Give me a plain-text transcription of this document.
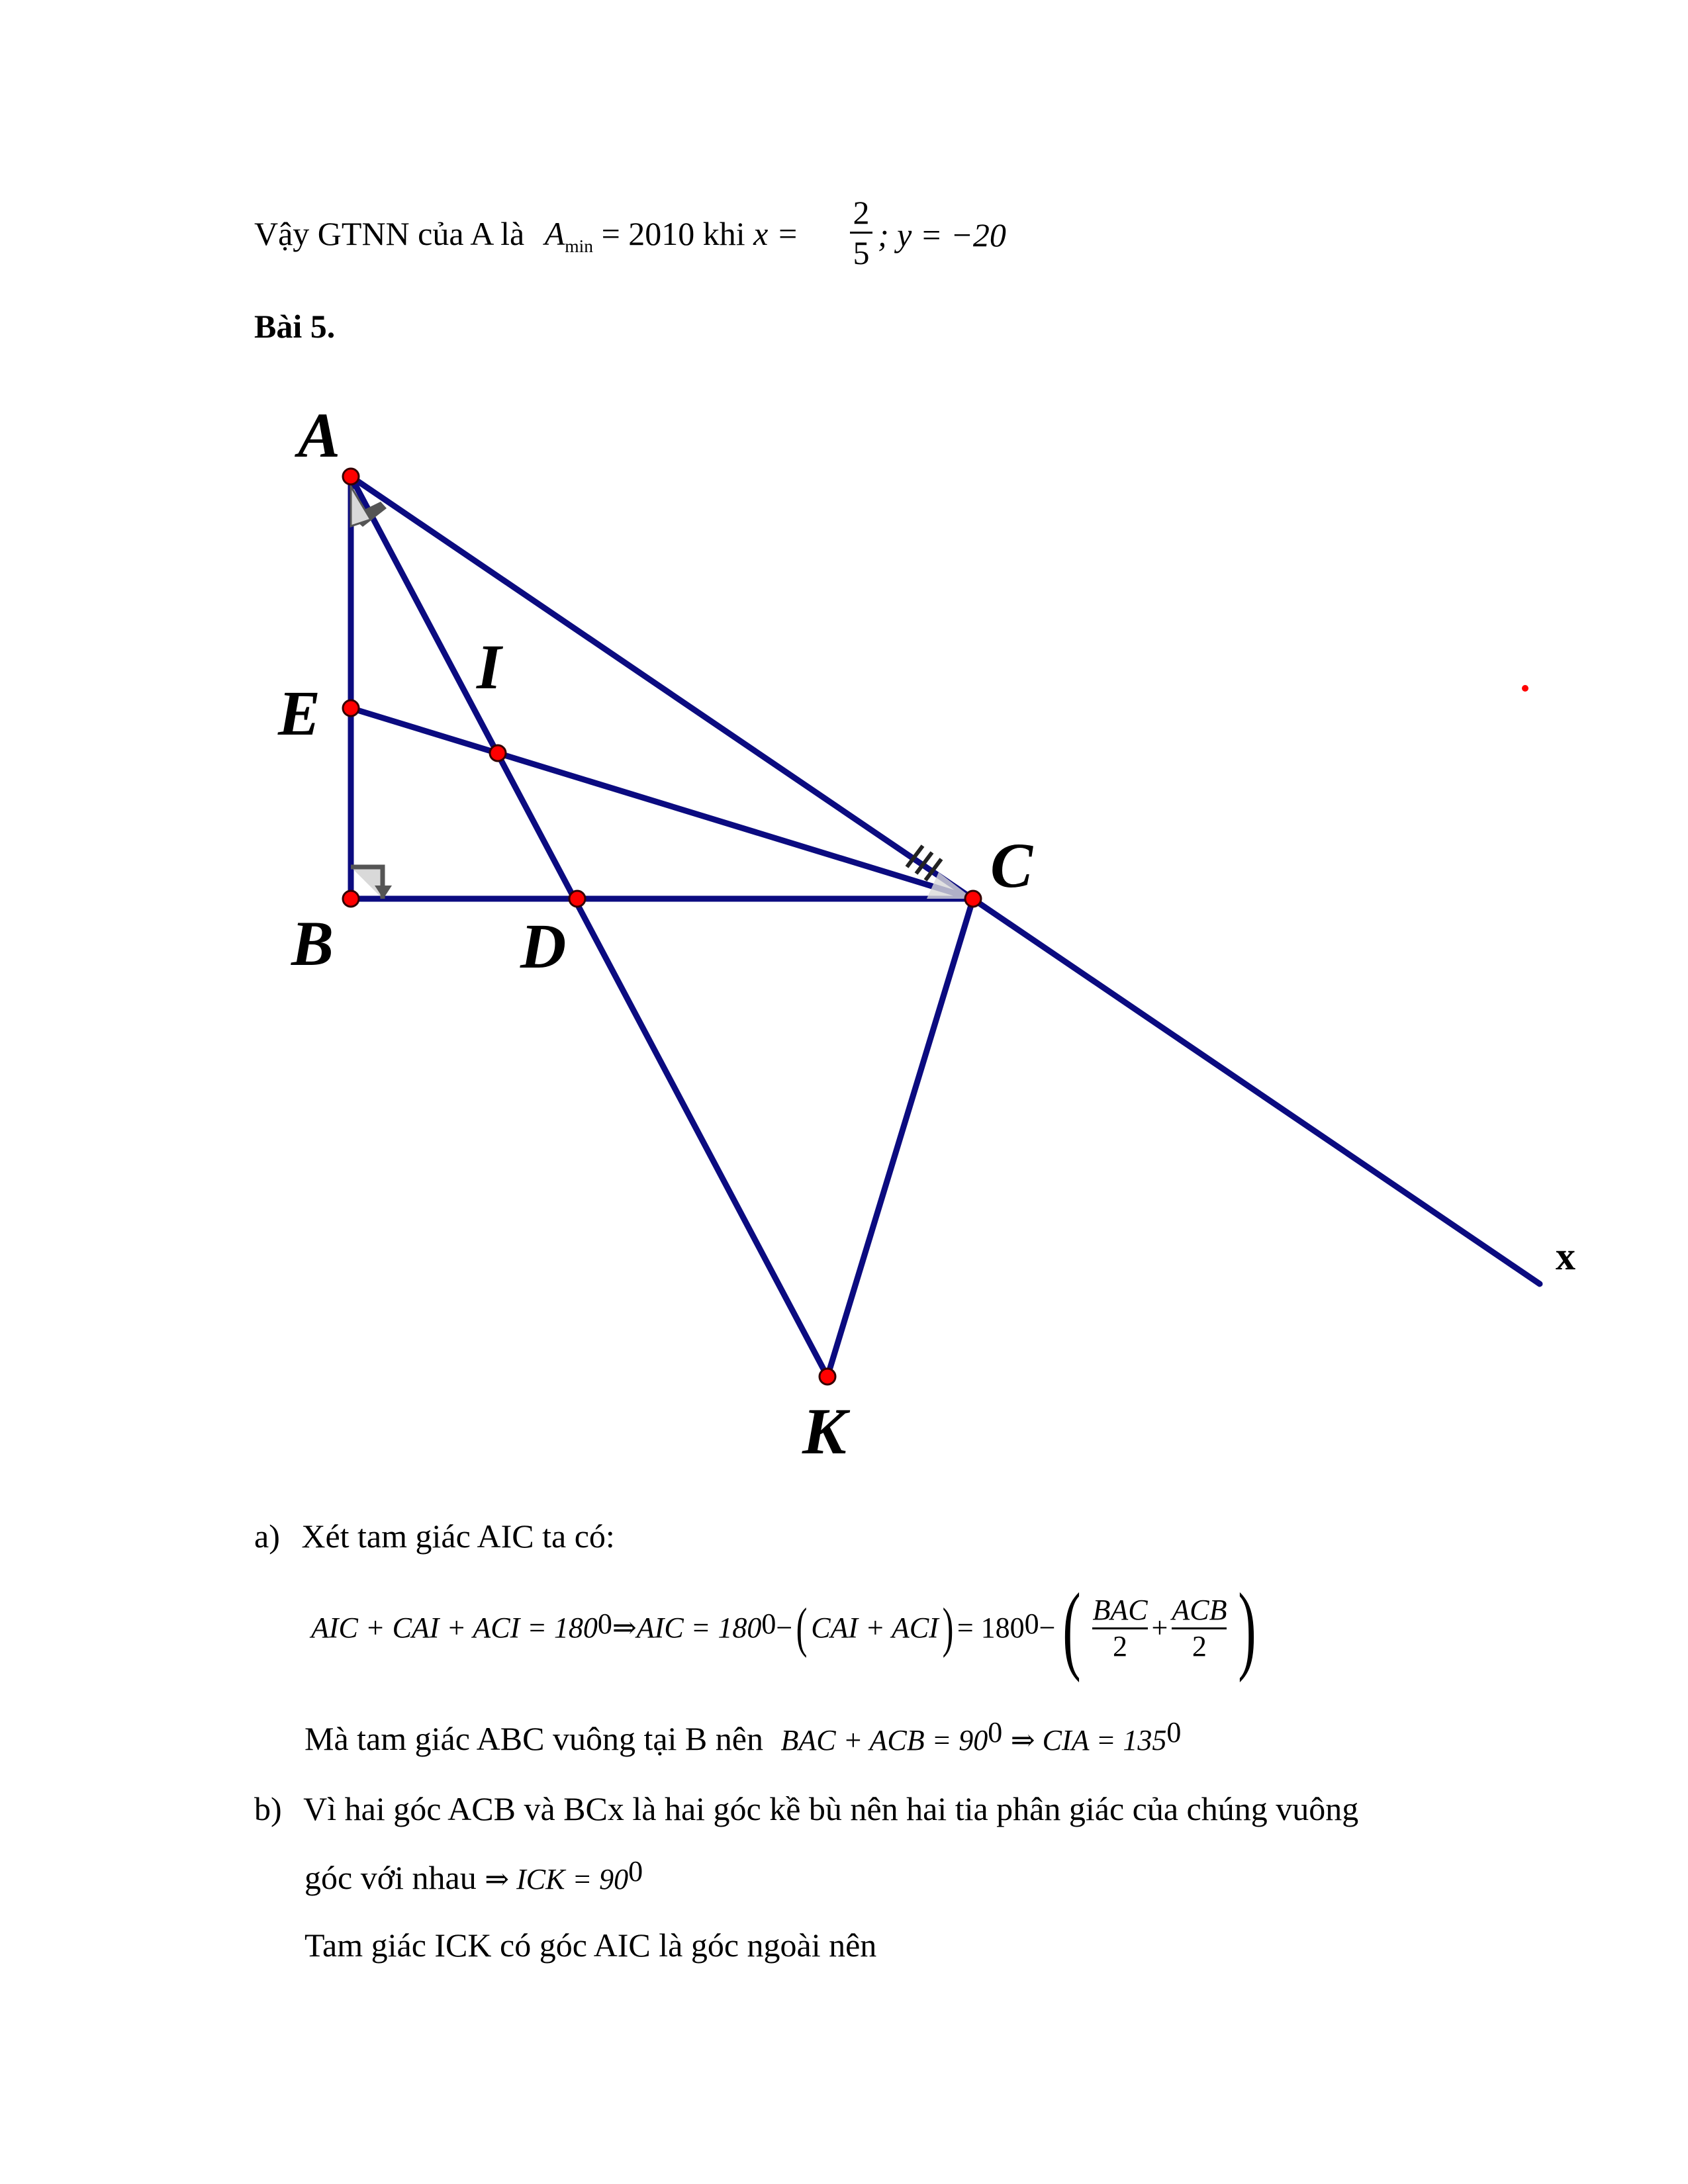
Vậy GTNN của A là $A_{min} = 2010$ khi $x = \frac{2}{5}$ ; y = −20
Bài 5.
A
B
C
D
E
I
K
x
a) Xét tam giác AIC ta có:
AIC + CAI + ACI = $180^0$ ⇒ AIC = $180^0$ − ( CAI + ACI ) = $180^0$ − ( $\frac{\text{BAC}}{2} + \frac{\text{ACB}}{2}$ )
Mà tam giác ABC vuông tại B nên BAC + ACB = $90^0$ ⇒ CIA = $135^0$
b) Vì hai góc ACB và BCx là hai góc kề bù nên hai tia phân giác của chúng vuông
góc với nhau ⇒ ICK = $90^0$
Tam giác ICK có góc AIC là góc ngoài nên
